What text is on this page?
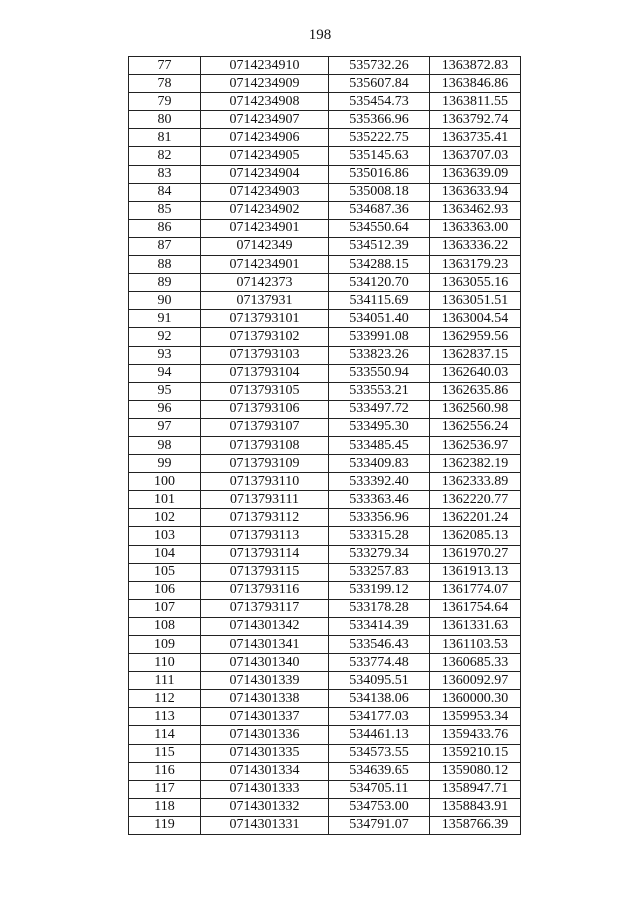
198
77	0714234910	535732.26	1363872.83
78	0714234909	535607.84	1363846.86
79	0714234908	535454.73	1363811.55
80	0714234907	535366.96	1363792.74
81	0714234906	535222.75	1363735.41
82	0714234905	535145.63	1363707.03
83	0714234904	535016.86	1363639.09
84	0714234903	535008.18	1363633.94
85	0714234902	534687.36	1363462.93
86	0714234901	534550.64	1363363.00
87	07142349	534512.39	1363336.22
88	0714234901	534288.15	1363179.23
89	07142373	534120.70	1363055.16
90	07137931	534115.69	1363051.51
91	0713793101	534051.40	1363004.54
92	0713793102	533991.08	1362959.56
93	0713793103	533823.26	1362837.15
94	0713793104	533550.94	1362640.03
95	0713793105	533553.21	1362635.86
96	0713793106	533497.72	1362560.98
97	0713793107	533495.30	1362556.24
98	0713793108	533485.45	1362536.97
99	0713793109	533409.83	1362382.19
100	0713793110	533392.40	1362333.89
101	0713793111	533363.46	1362220.77
102	0713793112	533356.96	1362201.24
103	0713793113	533315.28	1362085.13
104	0713793114	533279.34	1361970.27
105	0713793115	533257.83	1361913.13
106	0713793116	533199.12	1361774.07
107	0713793117	533178.28	1361754.64
108	0714301342	533414.39	1361331.63
109	0714301341	533546.43	1361103.53
110	0714301340	533774.48	1360685.33
111	0714301339	534095.51	1360092.97
112	0714301338	534138.06	1360000.30
113	0714301337	534177.03	1359953.34
114	0714301336	534461.13	1359433.76
115	0714301335	534573.55	1359210.15
116	0714301334	534639.65	1359080.12
117	0714301333	534705.11	1358947.71
118	0714301332	534753.00	1358843.91
119	0714301331	534791.07	1358766.39
